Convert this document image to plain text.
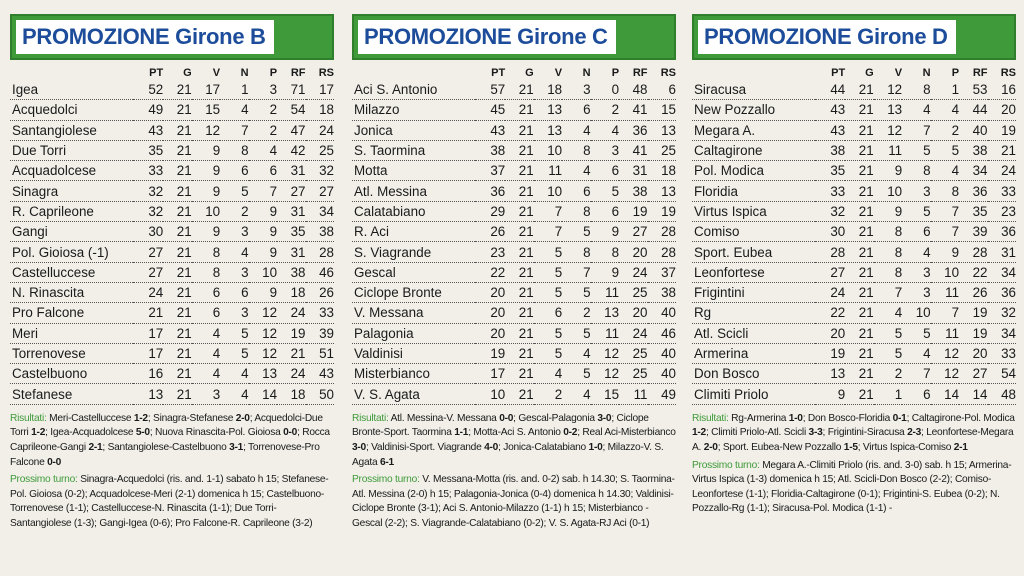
PROMOZIONE Girone B
	PT	G	V	N	P	RF	RS
Igea	52	21	17	1	3	71	17
Acquedolci	49	21	15	4	2	54	18
Santangiolese	43	21	12	7	2	47	24
Due Torri	35	21	9	8	4	42	25
Acquadolcese	33	21	9	6	6	31	32
Sinagra	32	21	9	5	7	27	27
R. Caprileone	32	21	10	2	9	31	34
Gangi	30	21	9	3	9	35	38
Pol. Gioiosa (-1)	27	21	8	4	9	31	28
Castelluccese	27	21	8	3	10	38	46
N. Rinascita	24	21	6	6	9	18	26
Pro Falcone	21	21	6	3	12	24	33
Meri	17	21	4	5	12	19	39
Torrenovese	17	21	4	5	12	21	51
Castelbuono	16	21	4	4	13	24	43
Stefanese	13	21	3	4	14	18	50

Risultati: Meri-Castelluccese 1-2; Sinagra-Stefanese 2-0; Acquedolci-Due Torri 1-2; Igea-Acquadolcese 5-0; Nuova Rinascita-Pol. Gioiosa 0-0; Rocca Caprileone-Gangi 2-1; Santangiolese-Castelbuono 3-1; Torrenovese-Pro Falcone 0-0

Prossimo turno: Sinagra-Acquedolci (ris. and. 1-1) sabato h 15; Stefanese-Pol. Gioiosa (0-2); Acquadolcese-Meri (2-1) domenica h 15; Castelbuono-Torrenovese (1-1); Castelluccese-N. Rinascita (1-1); Due Torri-Santangiolese (1-3); Gangi-Igea (0-6); Pro Falcone-R. Caprileone (3-2)

PROMOZIONE Girone C
	PT	G	V	N	P	RF	RS
Aci S. Antonio	57	21	18	3	0	48	6
Milazzo	45	21	13	6	2	41	15
Jonica	43	21	13	4	4	36	13
S. Taormina	38	21	10	8	3	41	25
Motta	37	21	11	4	6	31	18
Atl. Messina	36	21	10	6	5	38	13
Calatabiano	29	21	7	8	6	19	19
R. Aci	26	21	7	5	9	27	28
S. Viagrande	23	21	5	8	8	20	28
Gescal	22	21	5	7	9	24	37
Ciclope Bronte	20	21	5	5	11	25	38
V. Messana	20	21	6	2	13	20	40
Palagonia	20	21	5	5	11	24	46
Valdinisi	19	21	5	4	12	25	40
Misterbianco	17	21	4	5	12	25	40
V. S. Agata	10	21	2	4	15	11	49

Risultati: Atl. Messina-V. Messana 0-0; Gescal-Palagonia 3-0; Ciclope Bronte-Sport. Taormina 1-1; Motta-Aci S. Antonio 0-2; Real Aci-Misterbianco 3-0; Valdinisi-Sport. Viagrande 4-0; Jonica-Calatabiano 1-0; Milazzo-V. S. Agata 6-1

Prossimo turno: V. Messana-Motta (ris. and. 0-2) sab. h 14.30; S. Taormina-Atl. Messina (2-0) h 15; Palagonia-Jonica (0-4) domenica h 14.30; Valdinisi-Ciclope Bronte (3-1); Aci S. Antonio-Milazzo (1-1) h 15; Misterbianco - Gescal (2-2); S. Viagrande-Calatabiano (0-2); V. S. Agata-RJ Aci (0-1)

PROMOZIONE Girone D
	PT	G	V	N	P	RF	RS
Siracusa	44	21	12	8	1	53	16
New Pozzallo	43	21	13	4	4	44	20
Megara A.	43	21	12	7	2	40	19
Caltagirone	38	21	11	5	5	38	21
Pol. Modica	35	21	9	8	4	34	24
Floridia	33	21	10	3	8	36	33
Virtus Ispica	32	21	9	5	7	35	23
Comiso	30	21	8	6	7	39	36
Sport. Eubea	28	21	8	4	9	28	31
Leonfortese	27	21	8	3	10	22	34
Frigintini	24	21	7	3	11	26	36
Rg	22	21	4	10	7	19	32
Atl. Scicli	20	21	5	5	11	19	34
Armerina	19	21	5	4	12	20	33
Don Bosco	13	21	2	7	12	27	54
Climiti Priolo	9	21	1	6	14	14	48

Risultati: Rg-Armerina 1-0; Don Bosco-Floridia 0-1; Caltagirone-Pol. Modica 1-2; Climiti Priolo-Atl. Scicli 3-3; Frigintini-Siracusa 2-3; Leonfortese-Megara A. 2-0; Sport. Eubea-New Pozzallo 1-5; Virtus Ispica-Comiso 2-1

Prossimo turno: Megara A.-Climiti Priolo (ris. and. 3-0) sab. h 15; Armerina-Virtus Ispica (1-3) domenica h 15; Atl. Scicli-Don Bosco (2-2); Comiso-Leonfortese (1-1); Floridia-Caltagirone (0-1); Frigintini-S. Eubea (0-2); N. Pozzallo-Rg (1-1); Siracusa-Pol. Modica (1-1) -
